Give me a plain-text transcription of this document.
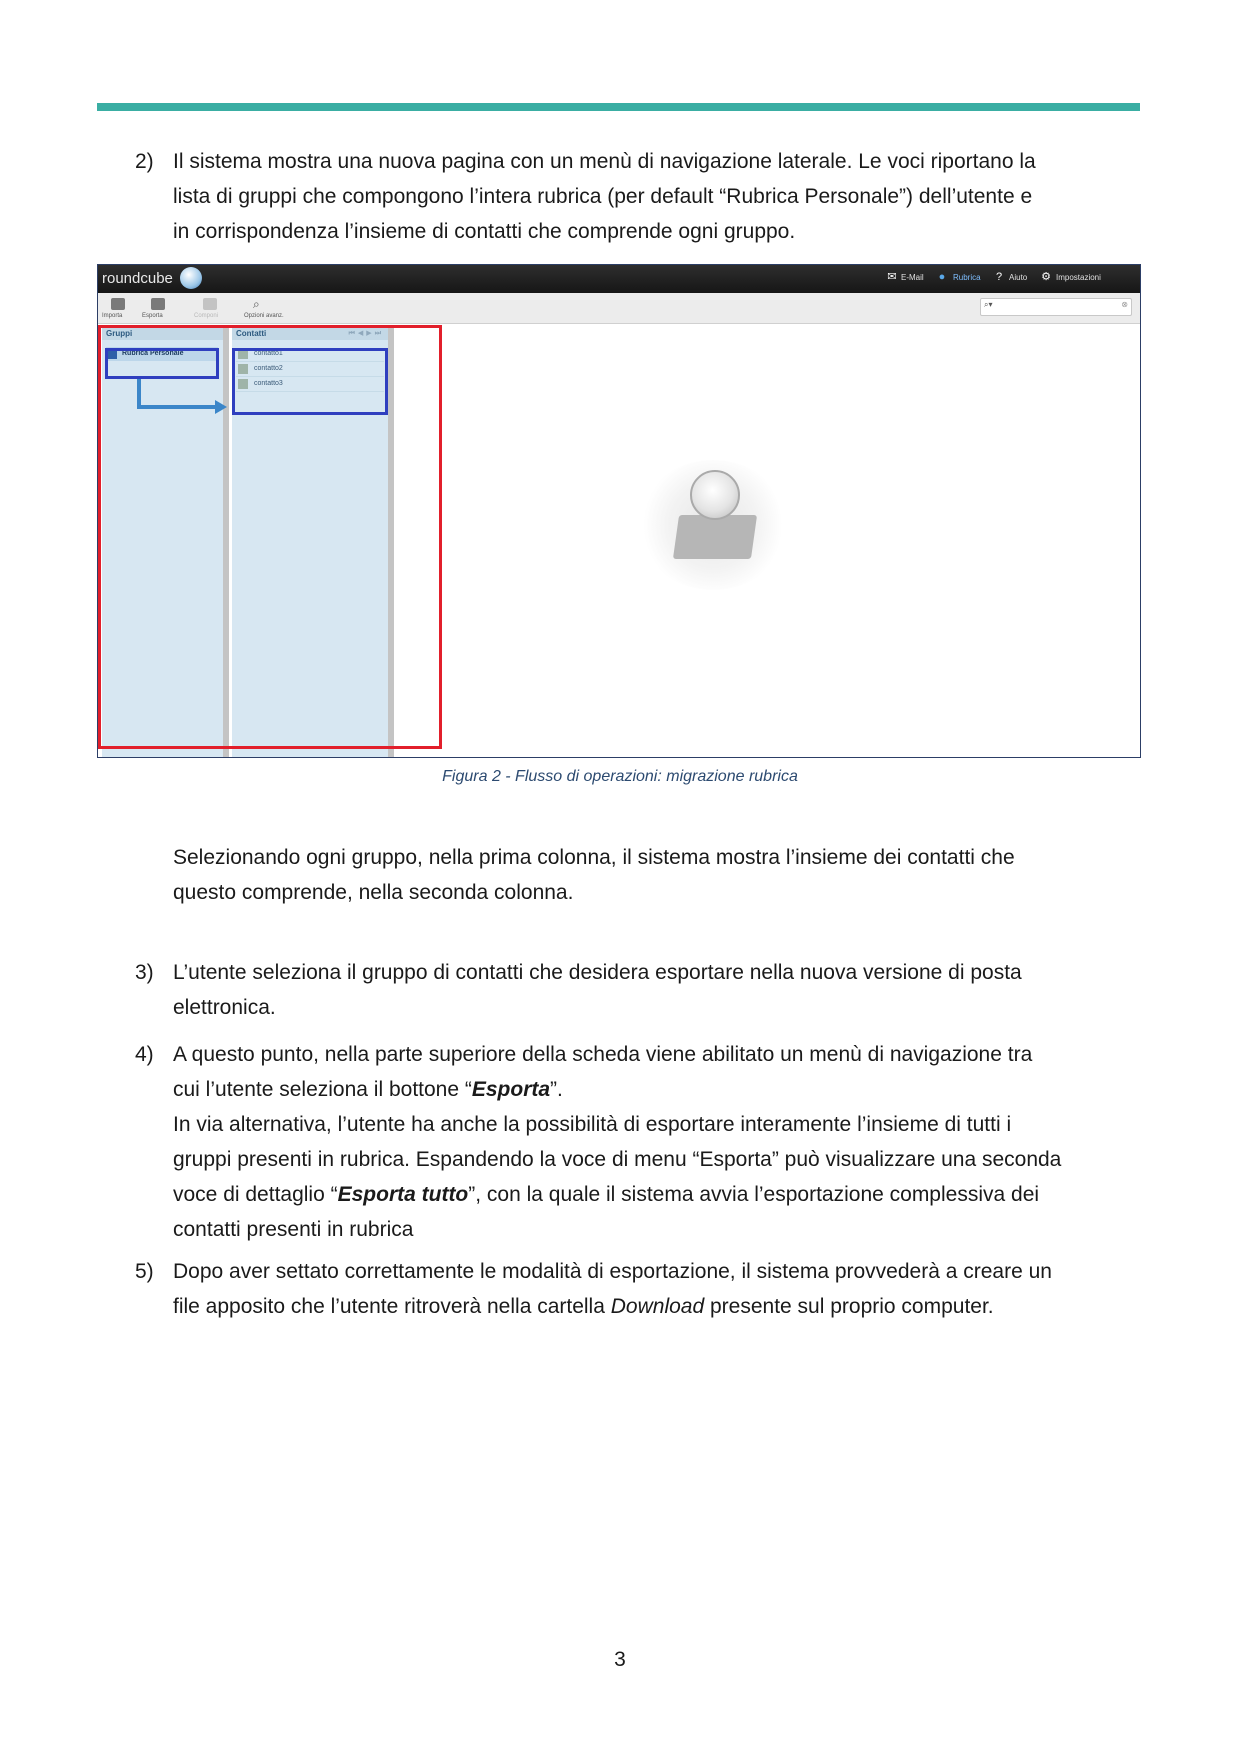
2) Il sistema mostra una nuova pagina con un menù di navigazione laterale. Le voci riportano la
lista di gruppi che compongono l’intera rubrica (per default “Rubrica Personale”) dell’utente e
in corrispondenza l’insieme di contatti che comprende ogni gruppo.
roundcube	✉ E-Mail ● Rubrica ? Aiuto ⚙ Impostazioni
Importa	Esporta	Componi
⌕
Opzioni avanz.
⌕▾	⊗
Gruppi
Rubrica Personale
Contatti	⏮◀▶⏭
contatto1
contatto2
contatto3
Figura 2 - Flusso di operazioni: migrazione rubrica
Selezionando ogni gruppo, nella prima colonna, il sistema mostra l’insieme dei contatti che
questo comprende, nella seconda colonna.
3) L’utente seleziona il gruppo di contatti che desidera esportare nella nuova versione di posta
elettronica.
4) A questo punto, nella parte superiore della scheda viene abilitato un menù di navigazione tra
cui l’utente seleziona il bottone “Esporta”.
In via alternativa, l’utente ha anche la possibilità di esportare interamente l’insieme di tutti i
gruppi presenti in rubrica. Espandendo la voce di menu “Esporta” può visualizzare una seconda
voce di dettaglio “Esporta tutto”, con la quale il sistema avvia l’esportazione complessiva dei
contatti presenti in rubrica
5) Dopo aver settato correttamente le modalità di esportazione, il sistema provvederà a creare un
file apposito che l’utente ritroverà nella cartella Download presente sul proprio computer.
3
